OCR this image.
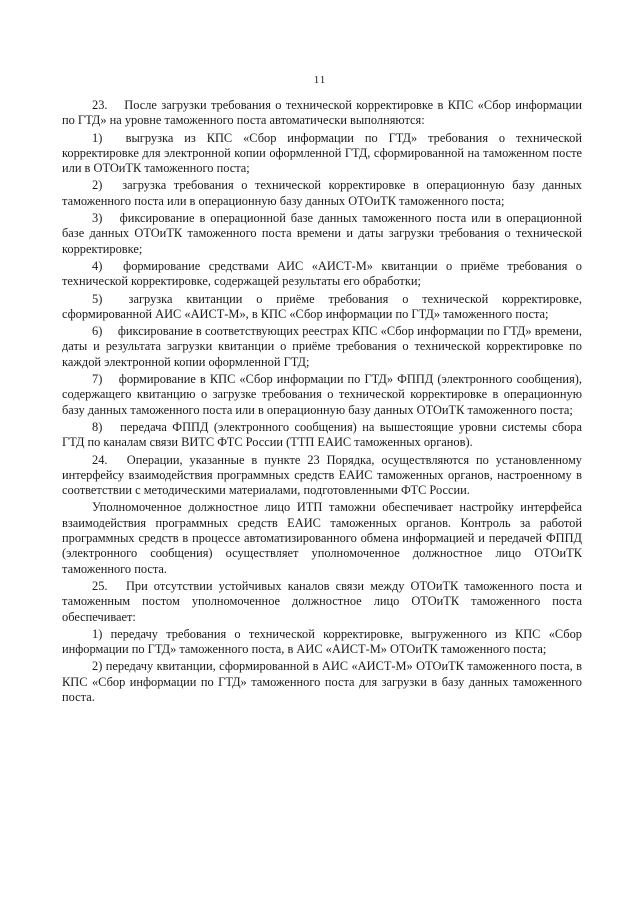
11

23.  После загрузки требования о технической корректировке в КПС «Сбор информации по ГТД» на уровне таможенного поста автоматически выполняются:

1)  выгрузка из КПС «Сбор информации по ГТД» требования о технической корректировке для электронной копии оформленной ГТД, сформированной на таможенном посте или в ОТОиТК таможенного поста;

2)  загрузка требования о технической корректировке в операционную базу данных таможенного поста или в операционную базу данных ОТОиТК таможенного поста;

3)  фиксирование в операционной базе данных таможенного поста или в операционной базе данных ОТОиТК таможенного поста времени и даты загрузки требования о технической корректировке;

4)  формирование средствами АИС «АИСТ-М» квитанции о приёме требования о технической корректировке, содержащей результаты его обработки;

5)  загрузка квитанции о приёме требования о технической корректировке, сформированной АИС «АИСТ-М», в КПС «Сбор информации по ГТД» таможенного поста;

6)  фиксирование в соответствующих реестрах КПС «Сбор информации по ГТД» времени, даты и результата загрузки квитанции о приёме требования о технической корректировке по каждой электронной копии оформленной ГТД;

7)  формирование в КПС «Сбор информации по ГТД» ФППД (электронного сообщения), содержащего квитанцию о загрузке требования о технической корректировке в операционную базу данных таможенного поста или в операционную базу данных ОТОиТК таможенного поста;

8)  передача ФППД (электронного сообщения) на вышестоящие уровни системы сбора ГТД по каналам связи ВИТС ФТС России (ТТП ЕАИС таможенных органов).

24.  Операции, указанные в пункте 23 Порядка, осуществляются по установленному интерфейсу взаимодействия программных средств ЕАИС таможенных органов, настроенному в соответствии с методическими материалами, подготовленными ФТС России.

Уполномоченное должностное лицо ИТП таможни обеспечивает настройку интерфейса взаимодействия программных средств ЕАИС таможенных органов. Контроль за работой программных средств в процессе автоматизированного обмена информацией и передачей ФППД (электронного сообщения) осуществляет уполномоченное должностное лицо ОТОиТК таможенного поста.

25.  При отсутствии устойчивых каналов связи между ОТОиТК таможенного поста и таможенным постом уполномоченное должностное лицо ОТОиТК таможенного поста обеспечивает:

1) передачу требования о технической корректировке, выгруженного из КПС «Сбор информации по ГТД» таможенного поста, в АИС «АИСТ-М» ОТОиТК таможенного поста;

2) передачу квитанции, сформированной в АИС «АИСТ-М» ОТОиТК таможенного поста, в КПС «Сбор информации по ГТД» таможенного поста для загрузки в базу данных таможенного поста.
